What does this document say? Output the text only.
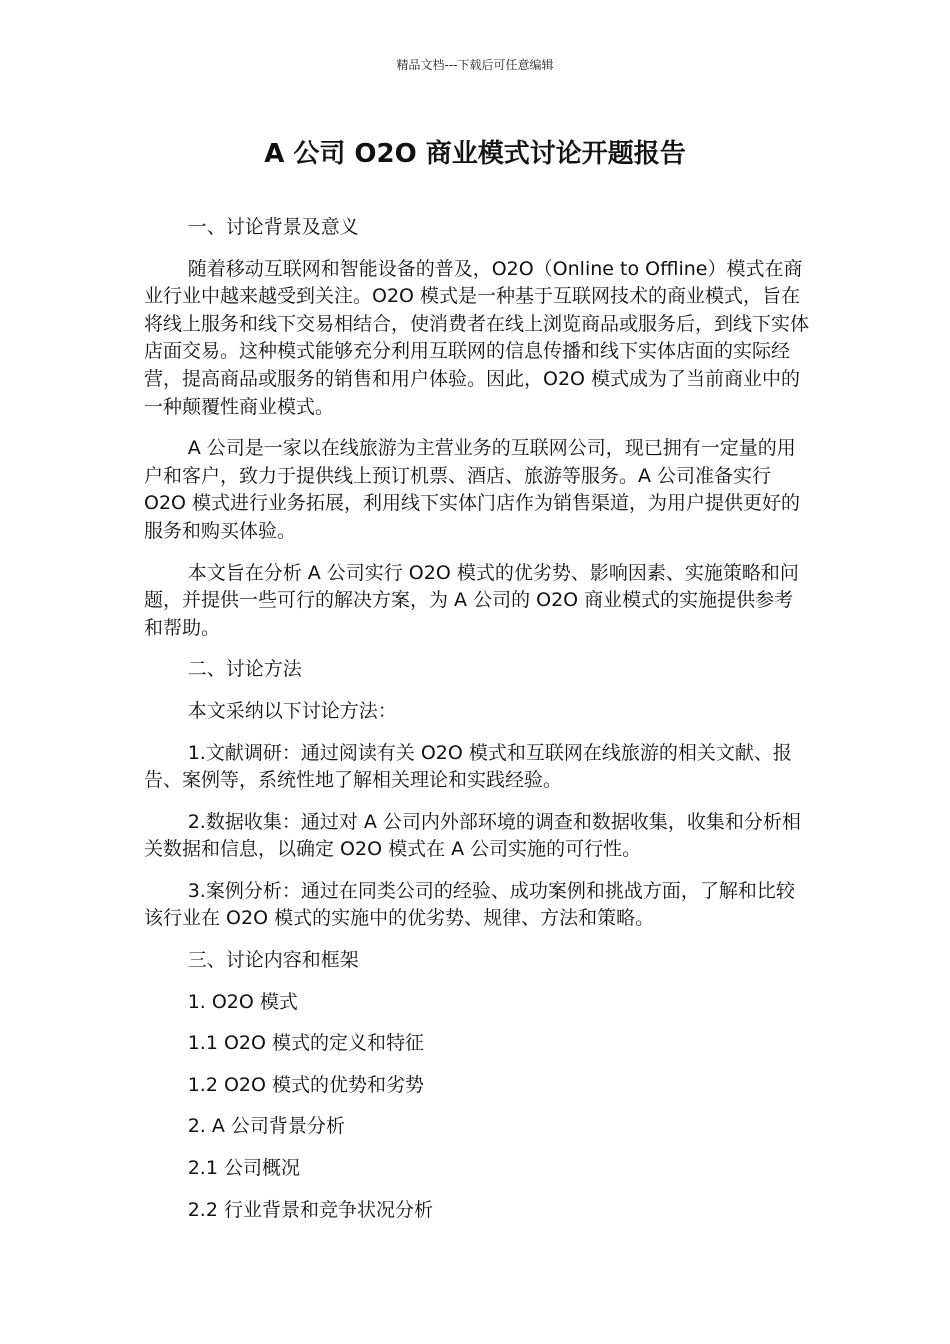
精品文档---下载后可任意编辑
A 公司 O2O 商业模式讨论开题报告

一、讨论背景及意义

随着移动互联网和智能设备的普及，O2O（Online to Offline）模式在商业行业中越来越受到关注。O2O 模式是一种基于互联网技术的商业模式，旨在将线上服务和线下交易相结合，使消费者在线上浏览商品或服务后，到线下实体店面交易。这种模式能够充分利用互联网的信息传播和线下实体店面的实际经营，提高商品或服务的销售和用户体验。因此，O2O 模式成为了当前商业中的一种颠覆性商业模式。

A 公司是一家以在线旅游为主营业务的互联网公司，现已拥有一定量的用户和客户，致力于提供线上预订机票、酒店、旅游等服务。A 公司准备实行 O2O 模式进行业务拓展，利用线下实体门店作为销售渠道，为用户提供更好的服务和购买体验。

本文旨在分析 A 公司实行 O2O 模式的优劣势、影响因素、实施策略和问题，并提供一些可行的解决方案，为 A 公司的 O2O 商业模式的实施提供参考和帮助。

二、讨论方法

本文采纳以下讨论方法：

1.文献调研：通过阅读有关 O2O 模式和互联网在线旅游的相关文献、报告、案例等，系统性地了解相关理论和实践经验。

2.数据收集：通过对 A 公司内外部环境的调查和数据收集，收集和分析相关数据和信息，以确定 O2O 模式在 A 公司实施的可行性。

3.案例分析：通过在同类公司的经验、成功案例和挑战方面，了解和比较该行业在 O2O 模式的实施中的优劣势、规律、方法和策略。

三、讨论内容和框架

1. O2O 模式

1.1 O2O 模式的定义和特征

1.2 O2O 模式的优势和劣势

2. A 公司背景分析

2.1 公司概况

2.2 行业背景和竞争状况分析
